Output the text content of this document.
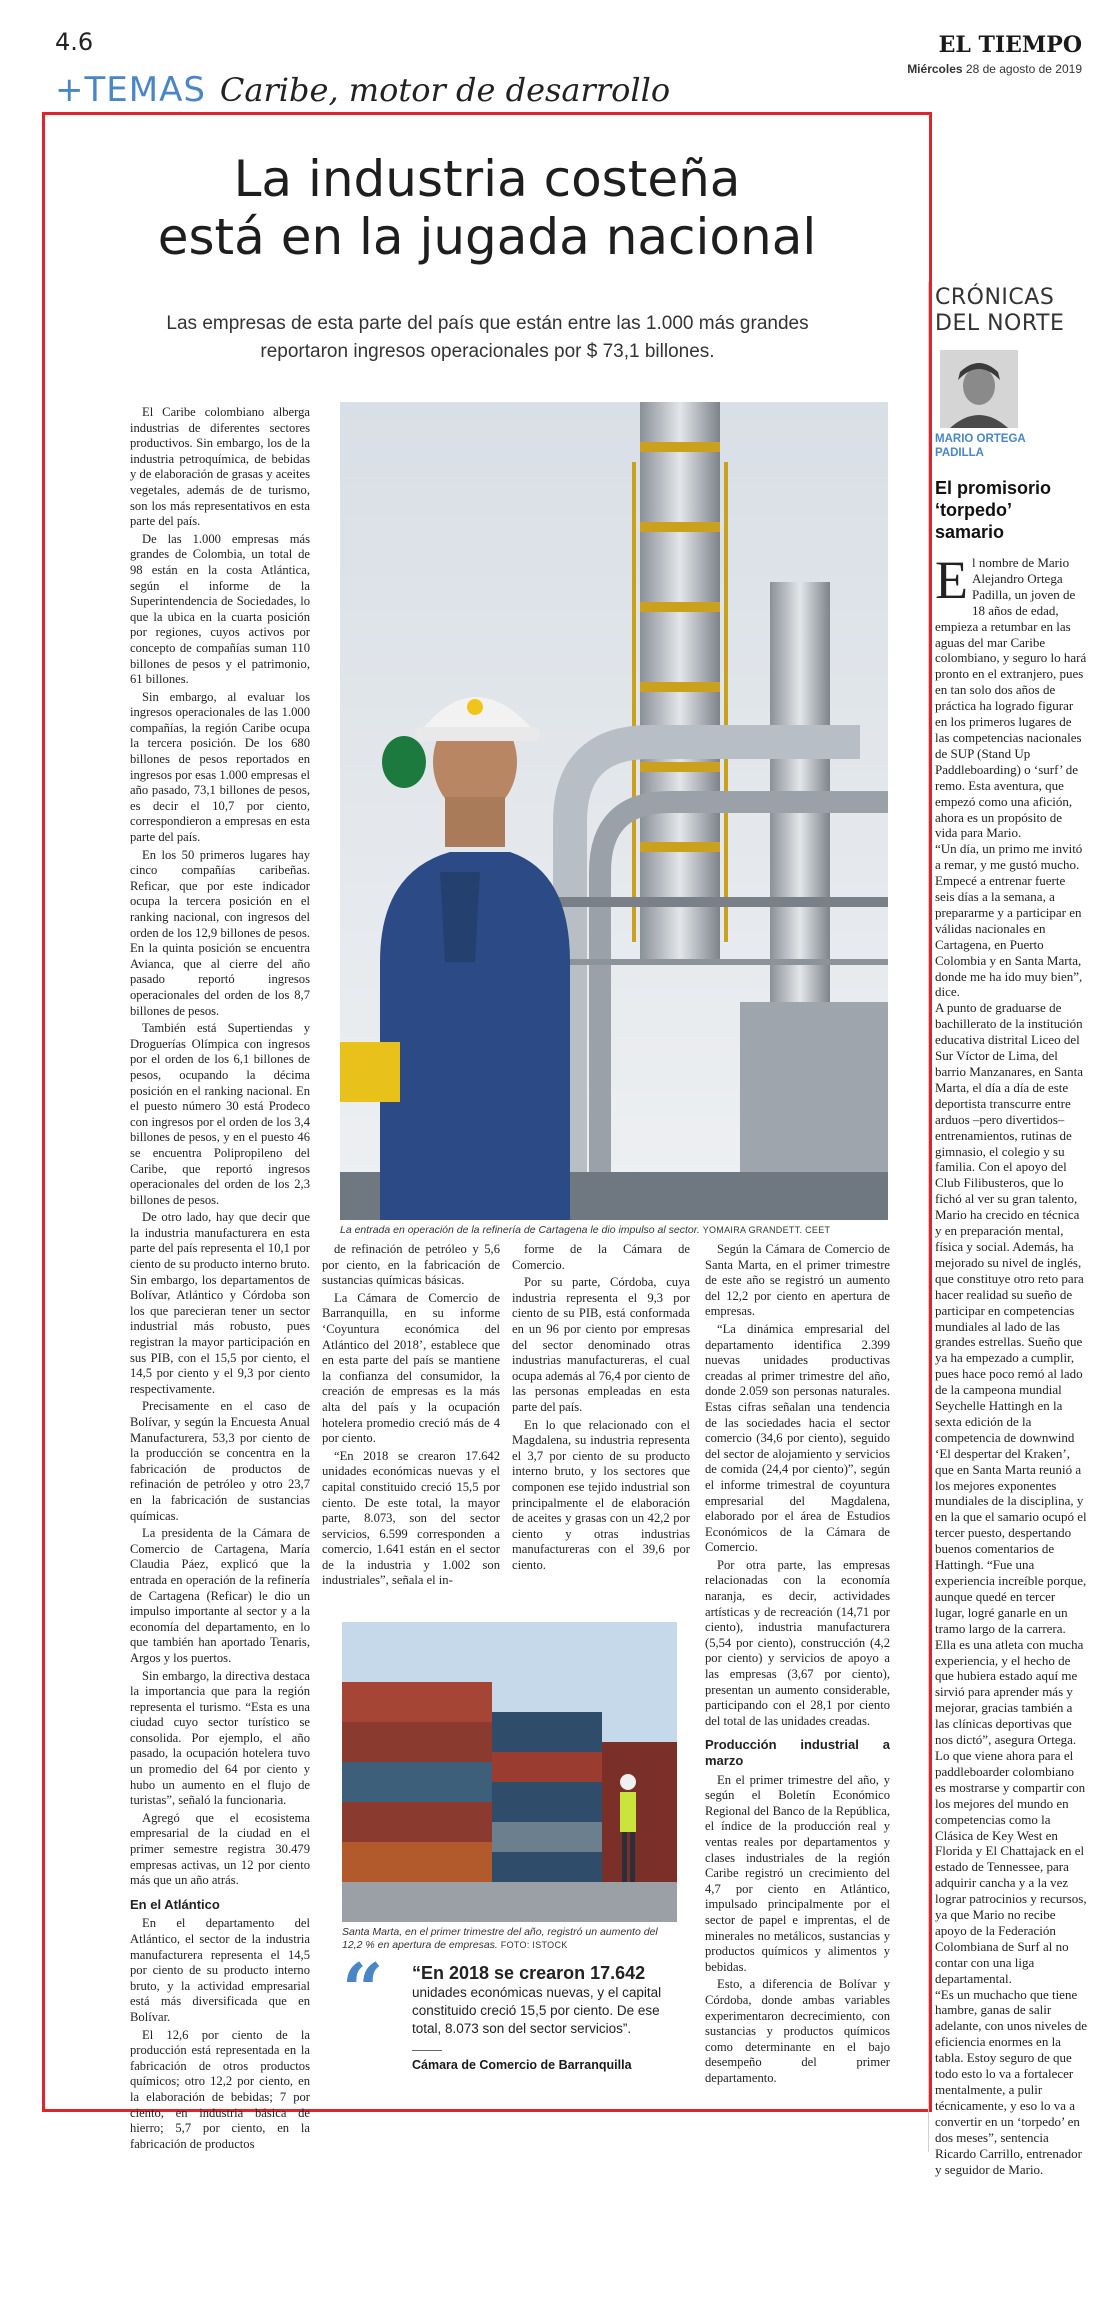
4.6	EL TIEMPO
Miércoles 28 de agosto de 2019
+TEMAS Caribe, motor de desarrollo
La industria costeña
está en la jugada nacional
Las empresas de esta parte del país que están entre las 1.000 más grandes reportaron ingresos operacionales por $ 73,1 billones.

El Caribe colombiano alberga industrias de diferentes sectores productivos. Sin embargo, los de la industria petroquímica, de bebidas y de elaboración de grasas y aceites vegetales, además de de turismo, son los más representativos en esta parte del país.

De las 1.000 empresas más grandes de Colombia, un total de 98 están en la costa Atlántica, según el informe de la Superintendencia de Sociedades, lo que la ubica en la cuarta posición por regiones, cuyos activos por concepto de compañías suman 110 billones de pesos y el patrimonio, 61 billones.

Sin embargo, al evaluar los ingresos operacionales de las 1.000 compañías, la región Caribe ocupa la tercera posición. De los 680 billones de pesos reportados en ingresos por esas 1.000 empresas el año pasado, 73,1 billones de pesos, es decir el 10,7 por ciento, correspondieron a empresas en esta parte del país.

En los 50 primeros lugares hay cinco compañías caribeñas. Reficar, que por este indicador ocupa la tercera posición en el ranking nacional, con ingresos del orden de los 12,9 billones de pesos. En la quinta posición se encuentra Avianca, que al cierre del año pasado reportó ingresos operacionales del orden de los 8,7 billones de pesos.

También está Supertiendas y Droguerías Olímpica con ingresos por el orden de los 6,1 billones de pesos, ocupando la décima posición en el ranking nacional. En el puesto número 30 está Prodeco con ingresos por el orden de los 3,4 billones de pesos, y en el puesto 46 se encuentra Polipropileno del Caribe, que reportó ingresos operacionales del orden de los 2,3 billones de pesos.

De otro lado, hay que decir que la industria manufacturera en esta parte del país representa el 10,1 por ciento de su producto interno bruto. Sin embargo, los departamentos de Bolívar, Atlántico y Córdoba son los que parecieran tener un sector industrial más robusto, pues registran la mayor participación en sus PIB, con el 15,5 por ciento, el 14,5 por ciento y el 9,3 por ciento respectivamente.

Precisamente en el caso de Bolívar, y según la Encuesta Anual Manufacturera, 53,3 por ciento de la producción se concentra en la fabricación de productos de refinación de petróleo y otro 23,7 en la fabricación de sustancias químicas.

La presidenta de la Cámara de Comercio de Cartagena, María Claudia Páez, explicó que la entrada en operación de la refinería de Cartagena (Reficar) le dio un impulso importante al sector y a la economía del departamento, en lo que también han aportado Tenaris, Argos y los puertos.

Sin embargo, la directiva destaca la importancia que para la región representa el turismo. “Esta es una ciudad cuyo sector turístico se consolida. Por ejemplo, el año pasado, la ocupación hotelera tuvo un promedio del 64 por ciento y hubo un aumento en el flujo de turistas”, señaló la funcionaria.

Agregó que el ecosistema empresarial de la ciudad en el primer semestre registra 30.479 empresas activas, un 12 por ciento más que un año atrás.

En el Atlántico

En el departamento del Atlántico, el sector de la industria manufacturera representa el 14,5 por ciento de su producto interno bruto, y la actividad empresarial está más diversificada que en Bolívar.

El 12,6 por ciento de la producción está representada en la fabricación de otros productos químicos; otro 12,2 por ciento, en la elaboración de bebidas; 7 por ciento, en industria básica de hierro; 5,7 por ciento, en la fabricación de productos

La entrada en operación de la refinería de Cartagena le dio impulso al sector. YOMAIRA GRANDETT. CEET

de refinación de petróleo y 5,6 por ciento, en la fabricación de sustancias químicas básicas.

La Cámara de Comercio de Barranquilla, en su informe ‘Coyuntura económica del Atlántico del 2018’, establece que en esta parte del país se mantiene la confianza del consumidor, la creación de empresas es la más alta del país y la ocupación hotelera promedio creció más de 4 por ciento.

“En 2018 se crearon 17.642 unidades económicas nuevas y el capital constituido creció 15,5 por ciento. De este total, la mayor parte, 8.073, son del sector servicios, 6.599 corresponden a comercio, 1.641 están en el sector de la industria y 1.002 son industriales”, señala el in-

forme de la Cámara de Comercio.

Por su parte, Córdoba, cuya industria representa el 9,3 por ciento de su PIB, está conformada en un 96 por ciento por empresas del sector denominado otras industrias manufactureras, el cual ocupa además al 76,4 por ciento de las personas empleadas en esta parte del país.

En lo que relacionado con el Magdalena, su industria representa el 3,7 por ciento de su producto interno bruto, y los sectores que componen ese tejido industrial son principalmente el de elaboración de aceites y grasas con un 42,2 por ciento y otras industrias manufactureras con el 39,6 por ciento.

Según la Cámara de Comercio de Santa Marta, en el primer trimestre de este año se registró un aumento del 12,2 por ciento en apertura de empresas.

“La dinámica empresarial del departamento identifica 2.399 nuevas unidades productivas creadas al primer trimestre del año, donde 2.059 son personas naturales. Estas cifras señalan una tendencia de las sociedades hacia el sector comercio (34,6 por ciento), seguido del sector de alojamiento y servicios de comida (24,4 por ciento)”, según el informe trimestral de coyuntura empresarial del Magdalena, elaborado por el área de Estudios Económicos de la Cámara de Comercio.

Por otra parte, las empresas relacionadas con la economía naranja, es decir, actividades artísticas y de recreación (14,71 por ciento), industria manufacturera (5,54 por ciento), construcción (4,2 por ciento) y servicios de apoyo a las empresas (3,67 por ciento), presentan un aumento considerable, participando con el 28,1 por ciento del total de las unidades creadas.

Producción industrial a marzo

En el primer trimestre del año, y según el Boletín Económico Regional del Banco de la República, el índice de la producción real y ventas reales por departamentos y clases industriales de la región Caribe registró un crecimiento del 4,7 por ciento en Atlántico, impulsado principalmente por el sector de papel e imprentas, el de minerales no metálicos, sustancias y productos químicos y alimentos y bebidas.

Esto, a diferencia de Bolívar y Córdoba, donde ambas variables experimentaron decrecimiento, con sustancias y productos químicos como determinante en el bajo desempeño del primer departamento.

Santa Marta, en el primer trimestre del año, registró un aumento del 12,2 % en apertura de empresas. FOTO: ISTOCK
“ “En 2018 se crearon 17.642
unidades económicas nuevas, y el capital constituido creció 15,5 por ciento. De ese total, 8.073 son del sector servicios”.
Cámara de Comercio de Barranquilla
CRÓNICAS
DEL NORTE
MARIO ORTEGA
PADILLA
El promisorio ‘torpedo’ samario
E l nombre de Mario Alejandro Ortega Padilla, un joven de 18 años de edad, empieza a retumbar en las aguas del mar Caribe colombiano, y seguro lo hará pronto en el extranjero, pues en tan solo dos años de práctica ha logrado figurar en los primeros lugares de las competencias nacionales de SUP (Stand Up Paddleboarding) o ‘surf’ de remo. Esta aventura, que empezó como una afición, ahora es un propósito de vida para Mario.

“Un día, un primo me invitó a remar, y me gustó mucho. Empecé a entrenar fuerte seis días a la semana, a prepararme y a participar en válidas nacionales en Cartagena, en Puerto Colombia y en Santa Marta, donde me ha ido muy bien”, dice.

A punto de graduarse de bachillerato de la institución educativa distrital Liceo del Sur Víctor de Lima, del barrio Manzanares, en Santa Marta, el día a día de este deportista transcurre entre arduos –pero divertidos– entrenamientos, rutinas de gimnasio, el colegio y su familia. Con el apoyo del Club Filibusteros, que lo fichó al ver su gran talento, Mario ha crecido en técnica y en preparación mental, física y social. Además, ha mejorado su nivel de inglés, que constituye otro reto para hacer realidad su sueño de participar en competencias mundiales al lado de las grandes estrellas. Sueño que ya ha empezado a cumplir, pues hace poco remó al lado de la campeona mundial Seychelle Hattingh en la sexta edición de la competencia de downwind ‘El despertar del Kraken’, que en Santa Marta reunió a los mejores exponentes mundiales de la disciplina, y en la que el samario ocupó el tercer puesto, despertando buenos comentarios de Hattingh. “Fue una experiencia increíble porque, aunque quedé en tercer lugar, logré ganarle en un tramo largo de la carrera. Ella es una atleta con mucha experiencia, y el hecho de que hubiera estado aquí me sirvió para aprender más y mejorar, gracias también a las clínicas deportivas que nos dictó”, asegura Ortega. Lo que viene ahora para el paddleboarder colombiano es mostrarse y compartir con los mejores del mundo en competencias como la Clásica de Key West en Florida y El Chattajack en el estado de Tennessee, para adquirir cancha y a la vez lograr patrocinios y recursos, ya que Mario no recibe apoyo de la Federación Colombiana de Surf al no contar con una liga departamental.

“Es un muchacho que tiene hambre, ganas de salir adelante, con unos niveles de eficiencia enormes en la tabla. Estoy seguro de que todo esto lo va a fortalecer mentalmente, a pulir técnicamente, y eso lo va a convertir en un ‘torpedo’ en dos meses”, sentencia Ricardo Carrillo, entrenador y seguidor de Mario.
